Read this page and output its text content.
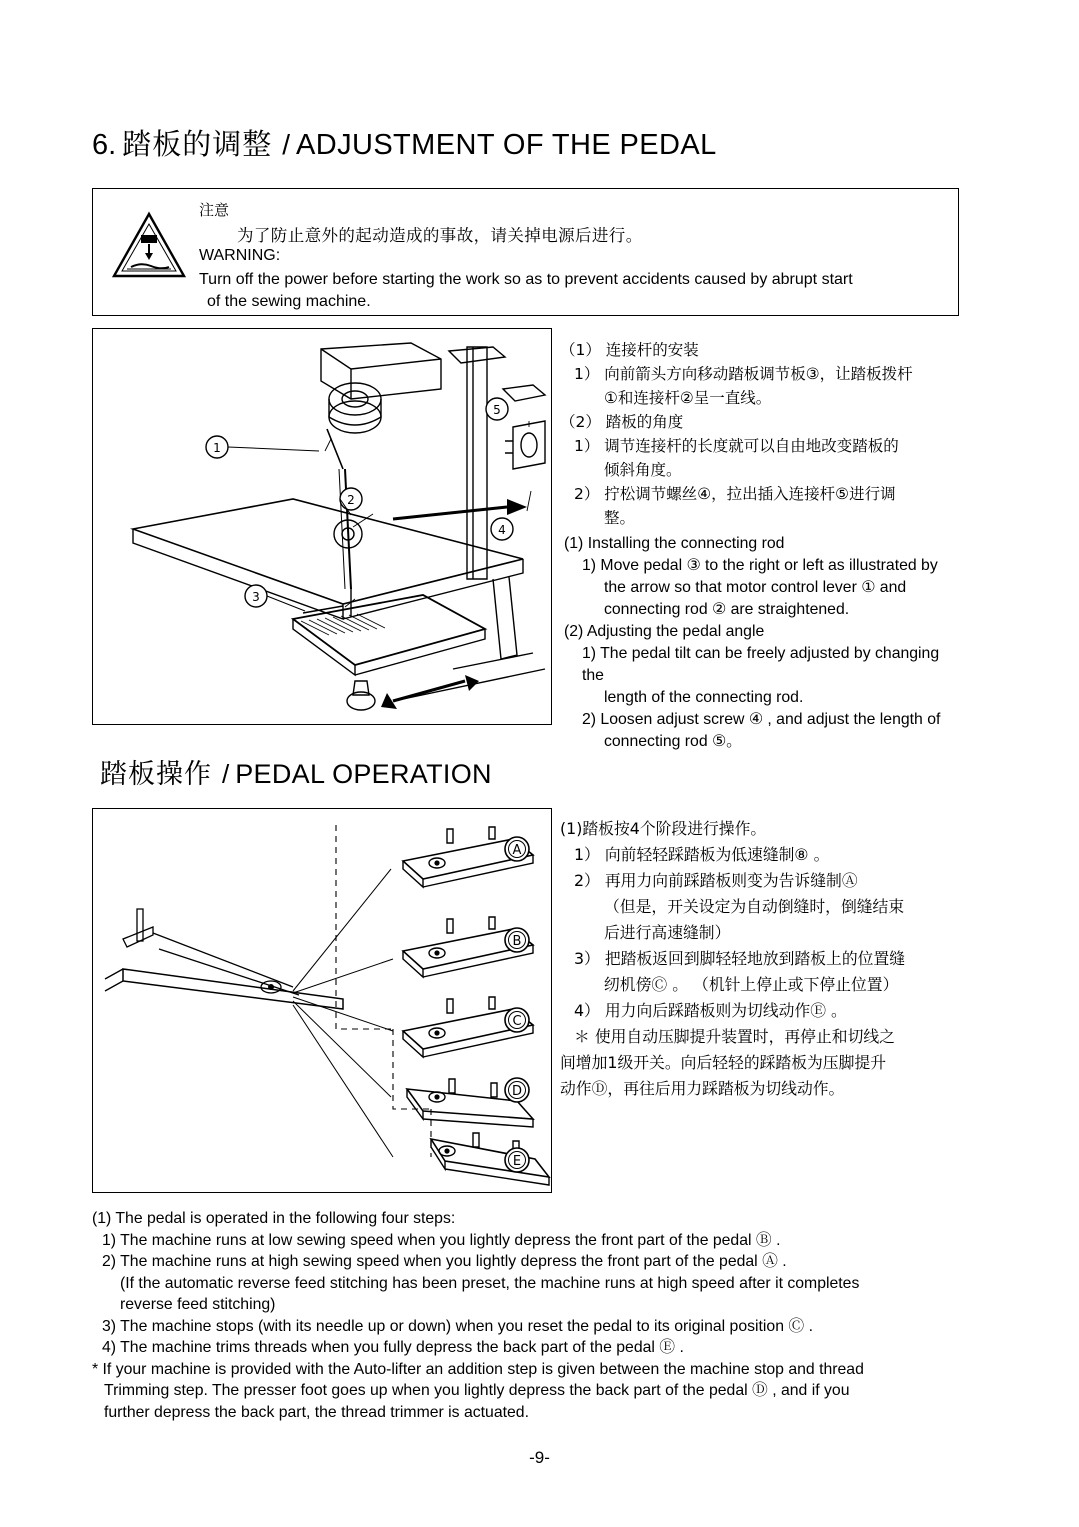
6. 踏板的调整 / ADJUSTMENT OF THE PEDAL
注意
为了防止意外的起动造成的事故，请关掉电源后进行。
WARNING:
Turn off the power before starting the work so as to prevent accidents caused by abrupt start
of the sewing machine.
1
2
3
4
5
（1） 连接杆的安装
1） 向前箭头方向移动踏板调节板③，让踏板拨杆
①和连接杆②呈一直线。
（2） 踏板的角度
1） 调节连接杆的长度就可以自由地改变踏板的
倾斜角度。
2） 拧松调节螺丝④，拉出插入连接杆⑤进行调
整。
(1) Installing the connecting rod
1) Move pedal ③ to the right or left as illustrated by
the arrow so that motor control lever ① and
connecting rod ② are straightened.
(2) Adjusting the pedal angle
1) The pedal tilt can be freely adjusted by changing the
length of the connecting rod.
2) Loosen adjust screw ④ , and adjust the length of
connecting rod ⑤。
踏板操作 / PEDAL OPERATION
A
B
C
D
E
(1)踏板按4个阶段进行操作。
1） 向前轻轻踩踏板为低速缝制⑧ 。
2） 再用力向前踩踏板则变为告诉缝制Ⓐ
（但是，开关设定为自动倒缝时，倒缝结束
后进行高速缝制）
3） 把踏板返回到脚轻轻地放到踏板上的位置缝
纫机傍Ⓒ 。 （机针上停止或下停止位置）
4） 用力向后踩踏板则为切线动作Ⓔ 。
＊ 使用自动压脚提升装置时，再停止和切线之
间增加1级开关。向后轻轻的踩踏板为压脚提升
动作Ⓓ，再往后用力踩踏板为切线动作。
(1) The pedal is operated in the following four steps:
1) The machine runs at low sewing speed when you lightly depress the front part of the pedal Ⓑ .
2) The machine runs at high sewing speed when you lightly depress the front part of the pedal Ⓐ .
(If the automatic reverse feed stitching has been preset, the machine runs at high speed after it completes
reverse feed stitching)
3) The machine stops (with its needle up or down) when you reset the pedal to its original position Ⓒ .
4) The machine trims threads when you fully depress the back part of the pedal Ⓔ .
* If your machine is provided with the Auto-lifter an addition step is given between the machine stop and thread
Trimming step. The presser foot goes up when you lightly depress the back part of the pedal Ⓓ , and if you
further depress the back part, the thread trimmer is actuated.
-9-
